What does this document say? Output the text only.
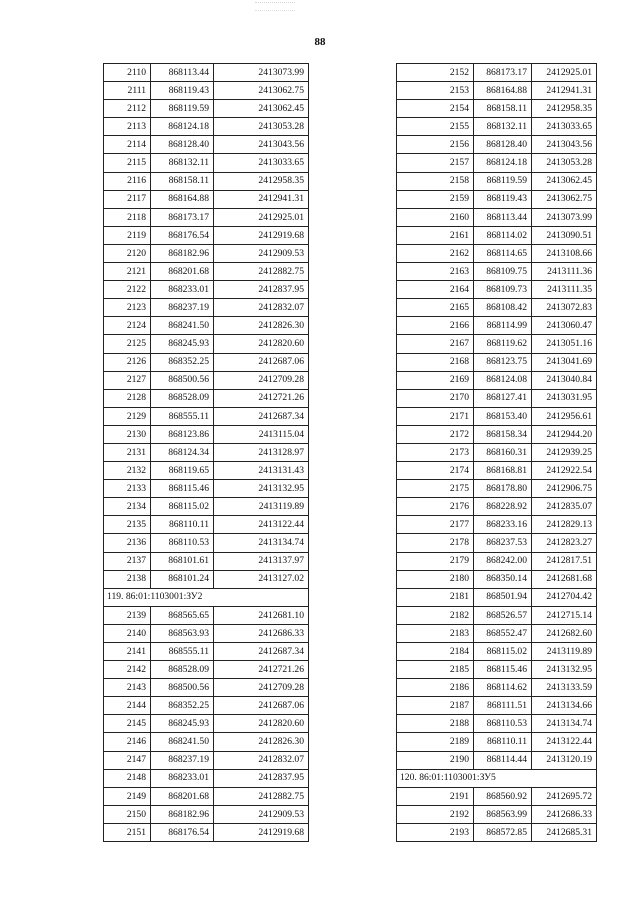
88
2110	868113.44	2413073.99
2111	868119.43	2413062.75
2112	868119.59	2413062.45
2113	868124.18	2413053.28
2114	868128.40	2413043.56
2115	868132.11	2413033.65
2116	868158.11	2412958.35
2117	868164.88	2412941.31
2118	868173.17	2412925.01
2119	868176.54	2412919.68
2120	868182.96	2412909.53
2121	868201.68	2412882.75
2122	868233.01	2412837.95
2123	868237.19	2412832.07
2124	868241.50	2412826.30
2125	868245.93	2412820.60
2126	868352.25	2412687.06
2127	868500.56	2412709.28
2128	868528.09	2412721.26
2129	868555.11	2412687.34
2130	868123.86	2413115.04
2131	868124.34	2413128.97
2132	868119.65	2413131.43
2133	868115.46	2413132.95
2134	868115.02	2413119.89
2135	868110.11	2413122.44
2136	868110.53	2413134.74
2137	868101.61	2413137.97
2138	868101.24	2413127.02
119. 86:01:1103001:ЗУ2		
2139	868565.65	2412681.10
2140	868563.93	2412686.33
2141	868555.11	2412687.34
2142	868528.09	2412721.26
2143	868500.56	2412709.28
2144	868352.25	2412687.06
2145	868245.93	2412820.60
2146	868241.50	2412826.30
2147	868237.19	2412832.07
2148	868233.01	2412837.95
2149	868201.68	2412882.75
2150	868182.96	2412909.53
2151	868176.54	2412919.68
2152	868173.17	2412925.01
2153	868164.88	2412941.31
2154	868158.11	2412958.35
2155	868132.11	2413033.65
2156	868128.40	2413043.56
2157	868124.18	2413053.28
2158	868119.59	2413062.45
2159	868119.43	2413062.75
2160	868113.44	2413073.99
2161	868114.02	2413090.51
2162	868114.65	2413108.66
2163	868109.75	2413111.36
2164	868109.73	2413111.35
2165	868108.42	2413072.83
2166	868114.99	2413060.47
2167	868119.62	2413051.16
2168	868123.75	2413041.69
2169	868124.08	2413040.84
2170	868127.41	2413031.95
2171	868153.40	2412956.61
2172	868158.34	2412944.20
2173	868160.31	2412939.25
2174	868168.81	2412922.54
2175	868178.80	2412906.75
2176	868228.92	2412835.07
2177	868233.16	2412829.13
2178	868237.53	2412823.27
2179	868242.00	2412817.51
2180	868350.14	2412681.68
2181	868501.94	2412704.42
2182	868526.57	2412715.14
2183	868552.47	2412682.60
2184	868115.02	2413119.89
2185	868115.46	2413132.95
2186	868114.62	2413133.59
2187	868111.51	2413134.66
2188	868110.53	2413134.74
2189	868110.11	2413122.44
2190	868114.44	2413120.19
120. 86:01:1103001:ЗУ5		
2191	868560.92	2412695.72
2192	868563.99	2412686.33
2193	868572.85	2412685.31
